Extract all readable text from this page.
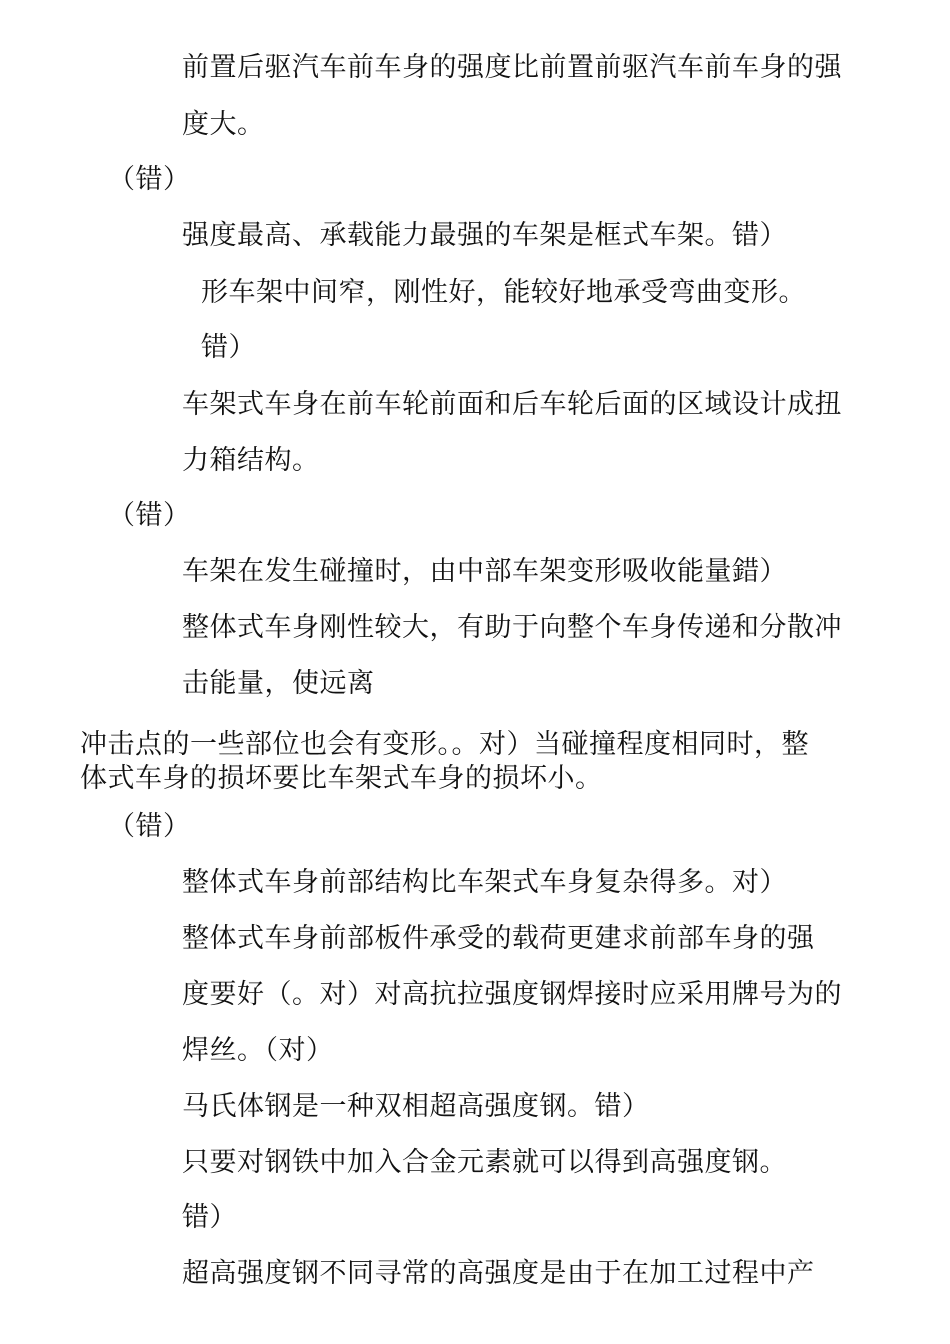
前置后驱汽车前车身的强度比前置前驱汽车前车身的强
度大。
（错）
强度最高、承载能力最强的车架是框式车架。错）
形车架中间窄，刚性好，能较好地承受弯曲变形。
错）
车架式车身在前车轮前面和后车轮后面的区域设计成扭
力箱结构。
（错）
车架在发生碰撞时，由中部车架变形吸收能量錯）
整体式车身刚性较大，有助于向整个车身传递和分散冲
击能量，使远离
冲击点的一些部位也会有变形。。对）当碰撞程度相同时，整
体式车身的损坏要比车架式车身的损坏小。
（错）
整体式车身前部结构比车架式车身复杂得多。对）
整体式车身前部板件承受的载荷更建求前部车身的强
度要好（。对）对高抗拉强度钢焊接时应采用牌号为的
焊丝。（对）
马氏体钢是一种双相超高强度钢。错）
只要对钢铁中加入合金元素就可以得到高强度钢。
错）
超高强度钢不同寻常的高强度是由于在加工过程中产
